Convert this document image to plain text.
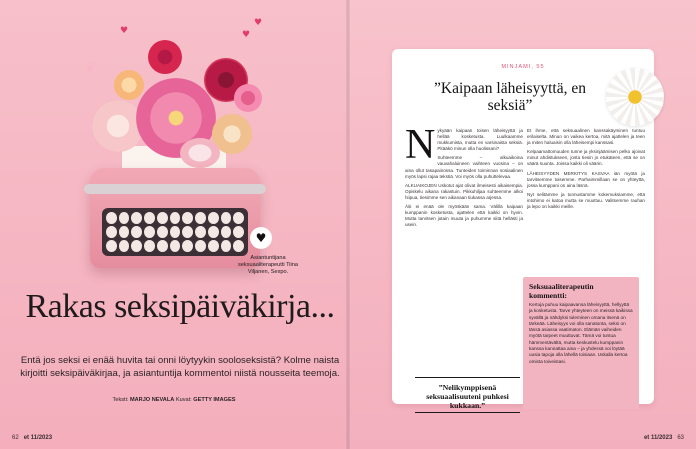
♥	♥
♥
❦
♥
Asiantuntijana seksuaaliterapeutti Tiina Viljanen, Sexpo.
Rakas seksipäiväkirja...
Entä jos seksi ei enää huvita tai onni löytyykin sooloseksistä? Kolme naista kirjoitti seksipäiväkirjaa, ja asiantuntija kommentoi niistä nousseita teemoja.
Teksti: MARJO NEVALA Kuvat: GETTY IMAGES
62 et 11/2023
MINJAMI, 55
”Kaipaan läheisyyttä, en seksiä”

Nykyään kaipaan toisen läheisyyttä ja hellää kosketusta. Luulkaamme mukkumista, mutta en varsinaista seksiä. Pitääkö minun olla huolissani?

Suhteemme – alkuaikoina vauvahaluineen vaihteen vuosina – on aina ollut tasapainossa. Tunteiden toiminnan sosiaalinen myös lapsi rajaa tekstiä. Voi myös olla puhuttelevaa.

ALKUAIKOJEN Uskotut ajat olivat ilmeisesti aikaisempia. Opiskelu aikana rakastuin. Pikkuhiljaa suhteemme alkoi hiipua, tiesimme sen aikanaan tiukassa arjessa.

Äiti ei enää ole myöskään sama. Välillä kaipaan kumppanin kosketusta, ajattelen että kaikki on hyvin. Mutta tarvitsen jotain muuta ja puhumme siitä hellästi ja usein.

Et ihme, että seksuaalinen kanssakäyminen tuntuu erilaiselta. Minun on vaikea kertoa, mitä ajattelen ja teen ja miten haluaisin olla läheisempi kanssasi.

Kelpaamattomuuden tunne ja yksinjäämisen pelko ajoivat minut ahdistukseen, josta tiesin jo etukäteen, että se on väärä suunta. Joissa kaikki oli väärin.

LÄHEISYYDEN MERKITYS KASVAA iän myötä ja tarvitsemme toisemme. Parhaimmillaan se on yhteyttä, jossa kumppani on aina läsnä.

Nyt selitämme ja tunnustamme kokemuksiamme, että intohimo ei katoa mutta se muuttuu. Valitsemme rauhan ja lepo on kaikki meille.

”Nelikymppisenä seksuaalisuuteni puhkesi kukkaan.”
Seksuaaliterapeutin kommentti:
Kertoja puhuu kaipaavansa läheisyyttä, hellyyttä ja kosketusta. Tarve yhteyteen on meissä kaikissa syvällä ja nähdyksi tuleminen omana itsenä on tärkeää. Läheisyys voi olla sanatonta, seksi on tässä asiassa vaatimaton. Elämän vaiheiden myötä tarpeet muuttuvat. Tämä voi tuntua hämmentävältä, mutta keskustelu kumppanin kanssa kannattaa aina – ja yhdessä voi löytää uusia tapoja olla lähellä toisiaan. Uskalla kertoa omista toiveistasi.
et 11/2023 63
